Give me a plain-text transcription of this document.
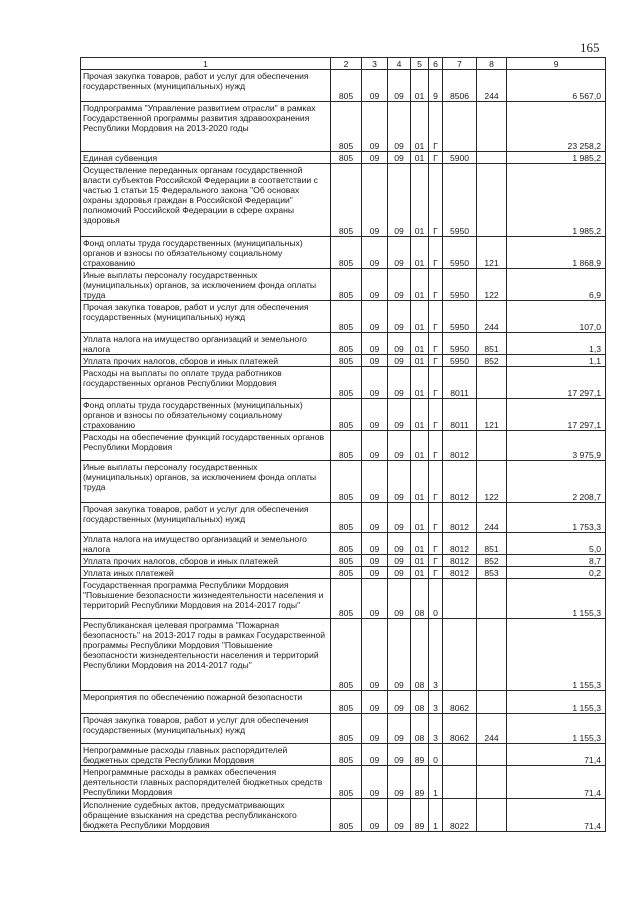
165
1	2	3	4	5	6	7	8	9
Прочая закупка товаров, работ и услуг для обеспечения государственных (муниципальных) нужд	805	09	09	01	9	8506	244	6 567,0
Подпрограмма "Управление развитием отрасли" в рамках Государственной программы развития здравоохранения Республики Мордовия на 2013-2020 годы	805	09	09	01	Г			23 258,2
Единая субвенция	805	09	09	01	Г	5900		1 985,2
Осуществление переданных органам государственной власти субъектов Российской Федерации в соответствии с частью 1 статьи 15 Федерального закона "Об основах охраны здоровья граждан в Российской Федерации" полномочий Российской Федерации в сфере охраны здоровья	805	09	09	01	Г	5950		1 985,2
Фонд оплаты труда государственных (муниципальных) органов и взносы по обязательному социальному страхованию	805	09	09	01	Г	5950	121	1 868,9
Иные выплаты персоналу государственных (муниципальных) органов, за исключением фонда оплаты труда	805	09	09	01	Г	5950	122	6,9
Прочая закупка товаров, работ и услуг для обеспечения государственных (муниципальных) нужд	805	09	09	01	Г	5950	244	107,0
Уплата налога на имущество организаций и земельного налога	805	09	09	01	Г	5950	851	1,3
Уплата прочих налогов, сборов и иных платежей	805	09	09	01	Г	5950	852	1,1
Расходы на выплаты по оплате труда работников государственных органов Республики Мордовия	805	09	09	01	Г	8011		17 297,1
Фонд оплаты труда государственных (муниципальных) органов и взносы по обязательному социальному страхованию	805	09	09	01	Г	8011	121	17 297,1
Расходы на обеспечение функций государственных органов Республики Мордовия	805	09	09	01	Г	8012		3 975,9
Иные выплаты персоналу государственных (муниципальных) органов, за исключением фонда оплаты труда	805	09	09	01	Г	8012	122	2 208,7
Прочая закупка товаров, работ и услуг для обеспечения государственных (муниципальных) нужд	805	09	09	01	Г	8012	244	1 753,3
Уплата налога на имущество организаций и земельного налога	805	09	09	01	Г	8012	851	5,0
Уплата прочих налогов, сборов и иных платежей	805	09	09	01	Г	8012	852	8,7
Уплата иных платежей	805	09	09	01	Г	8012	853	0,2
Государственная программа Республики Мордовия "Повышение безопасности жизнедеятельности населения и территорий Республики Мордовия на 2014-2017 годы"	805	09	09	08	0			1 155,3
Республиканская целевая программа "Пожарная безопасность" на 2013-2017 годы в рамках Государственной программы Республики Мордовия "Повышение безопасности жизнедеятельности населения и территорий Республики Мордовия на 2014-2017 годы"	805	09	09	08	3			1 155,3
Мероприятия по обеспечению пожарной безопасности	805	09	09	08	3	8062		1 155,3
Прочая закупка товаров, работ и услуг для обеспечения государственных (муниципальных) нужд	805	09	09	08	3	8062	244	1 155,3
Непрограммные расходы главных распорядителей бюджетных средств Республики Мордовия	805	09	09	89	0			71,4
Непрограммные расходы в рамках обеспечения деятельности главных распорядителей бюджетных средств Республики Мордовия	805	09	09	89	1			71,4
Исполнение судебных актов, предусматривающих обращение взыскания на средства республиканского бюджета Республики Мордовия	805	09	09	89	1	8022		71,4
